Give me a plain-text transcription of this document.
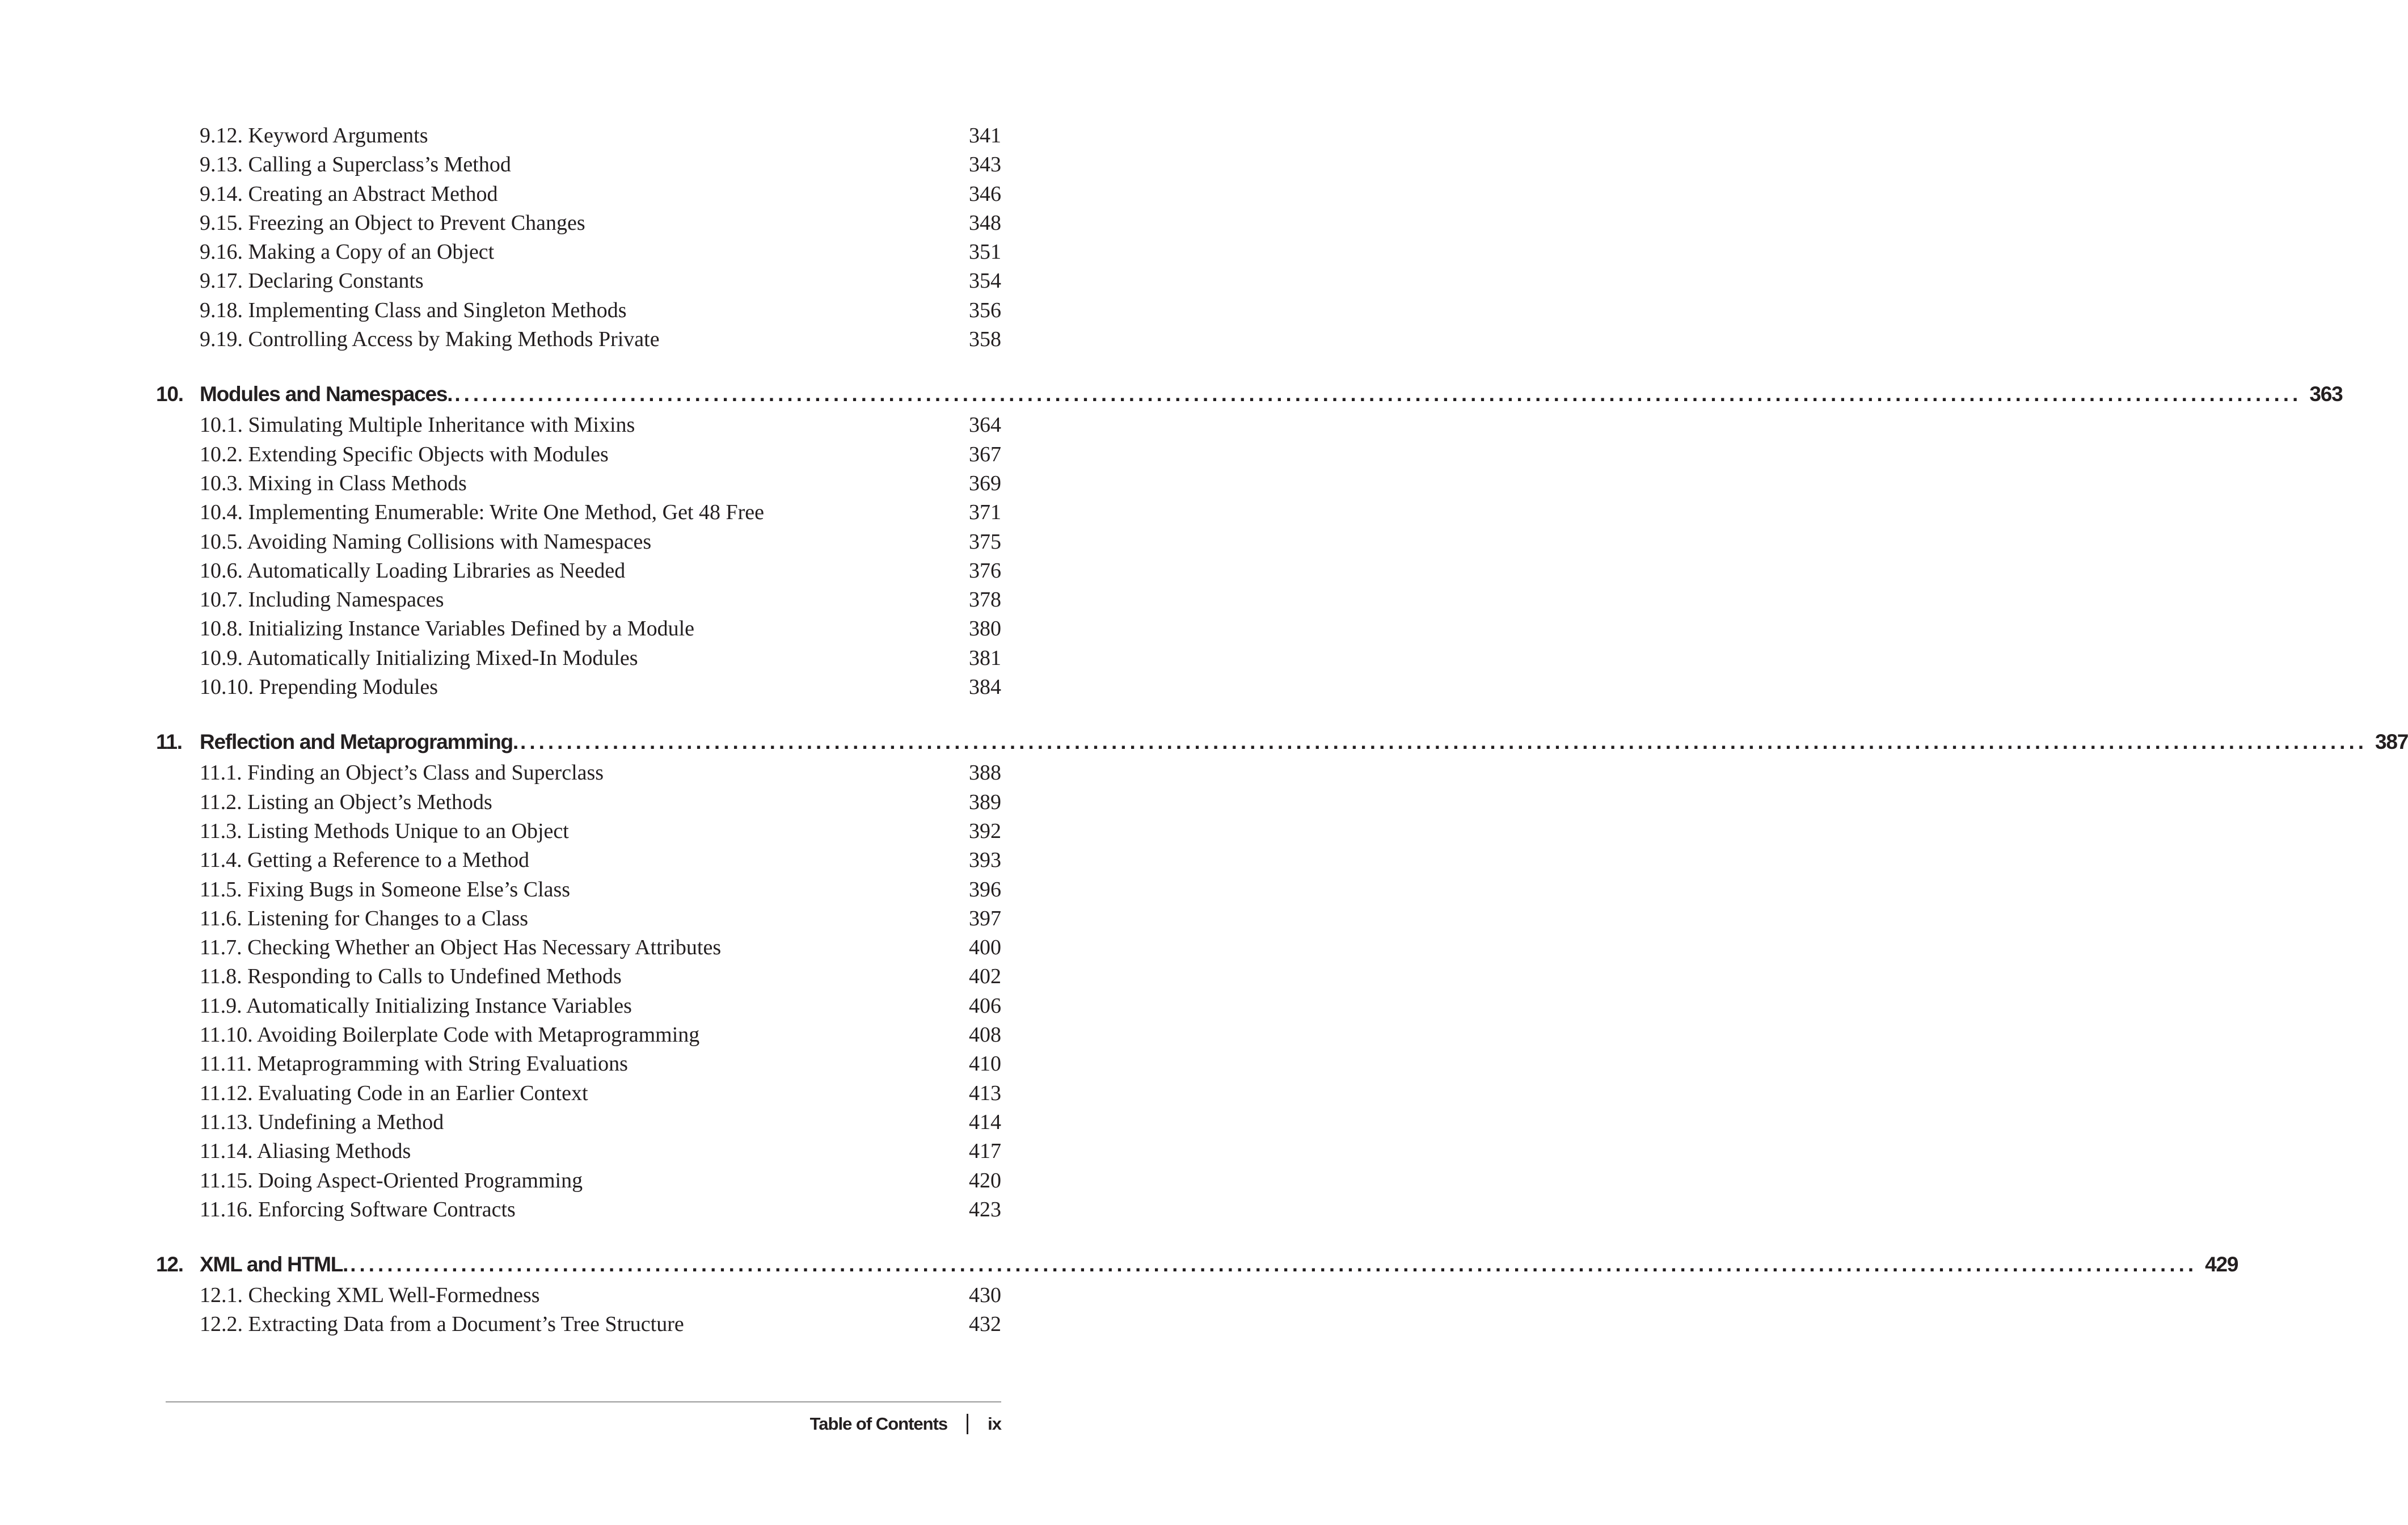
9.12. Keyword Arguments	341
9.13. Calling a Superclass’s Method	343
9.14. Creating an Abstract Method	346
9.15. Freezing an Object to Prevent Changes	348
9.16. Making a Copy of an Object	351
9.17. Declaring Constants	354
9.18. Implementing Class and Singleton Methods	356
9.19. Controlling Access by Making Methods Private	358
10. Modules and Namespaces. ........................................................................................................................................................................................................ 363
10.1. Simulating Multiple Inheritance with Mixins	364
10.2. Extending Specific Objects with Modules	367
10.3. Mixing in Class Methods	369
10.4. Implementing Enumerable: Write One Method, Get 48 Free	371
10.5. Avoiding Naming Collisions with Namespaces	375
10.6. Automatically Loading Libraries as Needed	376
10.7. Including Namespaces	378
10.8. Initializing Instance Variables Defined by a Module	380
10.9. Automatically Initializing Mixed-In Modules	381
10.10. Prepending Modules	384
11. Reflection and Metaprogramming. ........................................................................................................................................................................................................ 387
11.1. Finding an Object’s Class and Superclass	388
11.2. Listing an Object’s Methods	389
11.3. Listing Methods Unique to an Object	392
11.4. Getting a Reference to a Method	393
11.5. Fixing Bugs in Someone Else’s Class	396
11.6. Listening for Changes to a Class	397
11.7. Checking Whether an Object Has Necessary Attributes	400
11.8. Responding to Calls to Undefined Methods	402
11.9. Automatically Initializing Instance Variables	406
11.10. Avoiding Boilerplate Code with Metaprogramming	408
11.11. Metaprogramming with String Evaluations	410
11.12. Evaluating Code in an Earlier Context	413
11.13. Undefining a Method	414
11.14. Aliasing Methods	417
11.15. Doing Aspect-Oriented Programming	420
11.16. Enforcing Software Contracts	423
12. XML and HTML. ........................................................................................................................................................................................................ 429
12.1. Checking XML Well-Formedness	430
12.2. Extracting Data from a Document’s Tree Structure	432
Table of Contents ix
